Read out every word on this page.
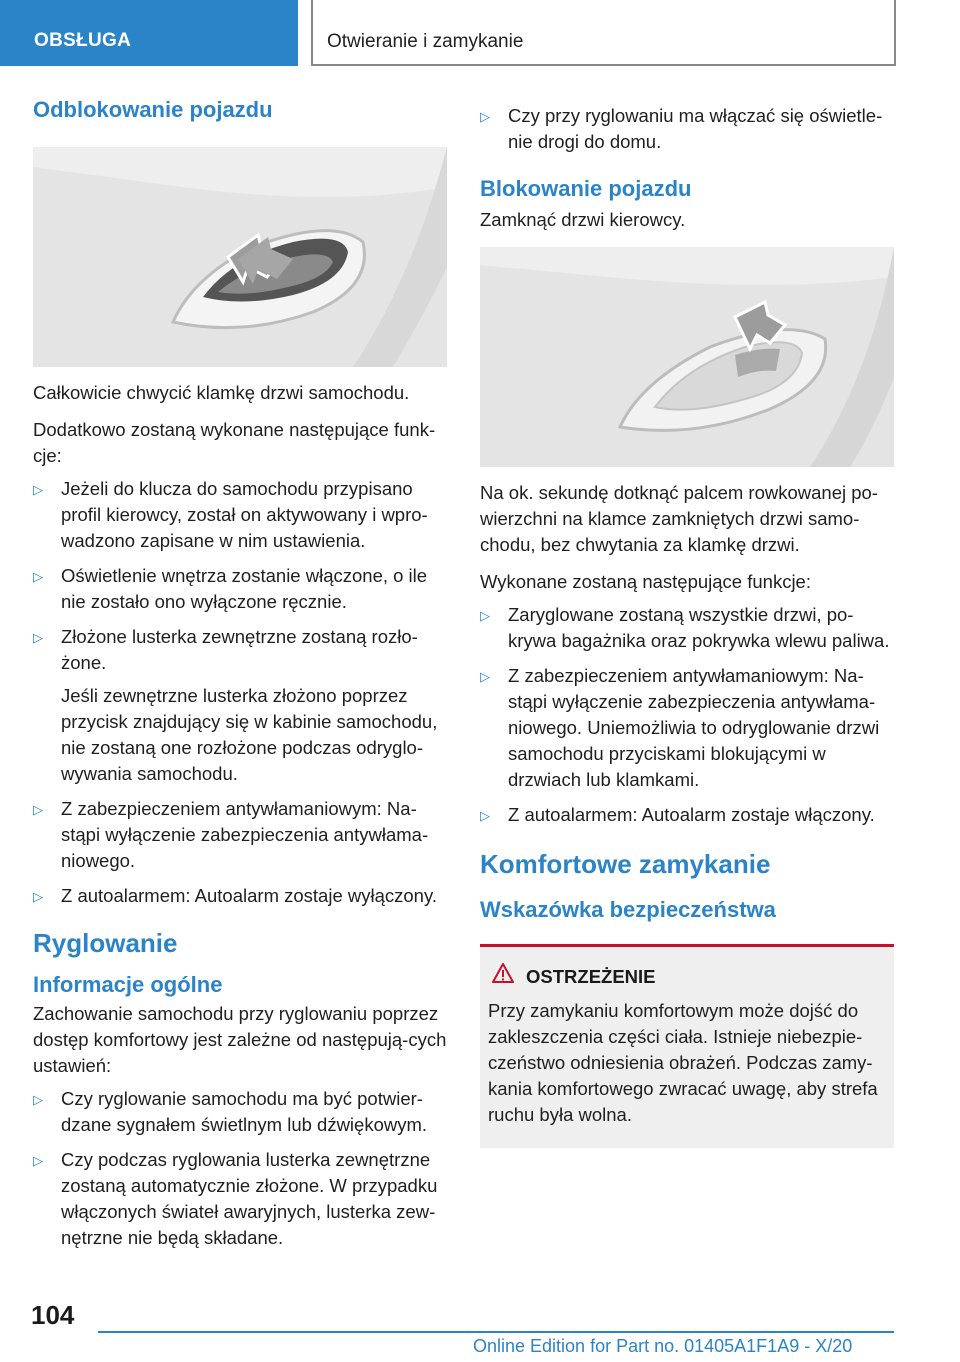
OBSŁUGA	Otwieranie i zamykanie
Odblokowanie pojazdu

Całkowicie chwycić klamkę drzwi samochodu.

Dodatkowo zostaną wykonane następujące funk-cje:

▷ Jeżeli do klucza do samochodu przypisano profil kierowcy, został on aktywowany i wpro-wadzono zapisane w nim ustawienia.
▷ Oświetlenie wnętrza zostanie włączone, o ile nie zostało ono wyłączone ręcznie.
▷ Złożone lusterka zewnętrzne zostaną rozło-żone.
Jeśli zewnętrzne lusterka złożono poprzez przycisk znajdujący się w kabinie samochodu, nie zostaną one rozłożone podczas odryglo-wywania samochodu.
▷ Z zabezpieczeniem antywłamaniowym: Na-stąpi wyłączenie zabezpieczenia antywłama-niowego.
▷ Z autoalarmem: Autoalarm zostaje wyłączony.
Ryglowanie
Informacje ogólne

Zachowanie samochodu przy ryglowaniu poprzez dostęp komfortowy jest zależne od następują-cych ustawień:

▷ Czy ryglowanie samochodu ma być potwier-dzane sygnałem świetlnym lub dźwiękowym.
▷ Czy podczas ryglowania lusterka zewnętrzne zostaną automatycznie złożone. W przypadku włączonych świateł awaryjnych, lusterka zew-nętrzne nie będą składane.
▷ Czy przy ryglowaniu ma włączać się oświetle-nie drogi do domu.
Blokowanie pojazdu

Zamknąć drzwi kierowcy.

Na ok. sekundę dotknąć palcem rowkowanej po-wierzchni na klamce zamkniętych drzwi samo-chodu, bez chwytania za klamkę drzwi.

Wykonane zostaną następujące funkcje:

▷ Zaryglowane zostaną wszystkie drzwi, po-krywa bagażnika oraz pokrywka wlewu paliwa.
▷ Z zabezpieczeniem antywłamaniowym: Na-stąpi wyłączenie zabezpieczenia antywłama-niowego. Uniemożliwia to odryglowanie drzwi samochodu przyciskami blokującymi w drzwiach lub klamkami.
▷ Z autoalarmem: Autoalarm zostaje włączony.
Komfortowe zamykanie
Wskazówka bezpieczeństwa
OSTRZEŻENIE

Przy zamykaniu komfortowym może dojść do zakleszczenia części ciała. Istnieje niebezpie-czeństwo odniesienia obrażeń. Podczas zamy-kania komfortowego zwracać uwagę, aby strefa ruchu była wolna.

104
Online Edition for Part no. 01405A1F1A9 - X/20
